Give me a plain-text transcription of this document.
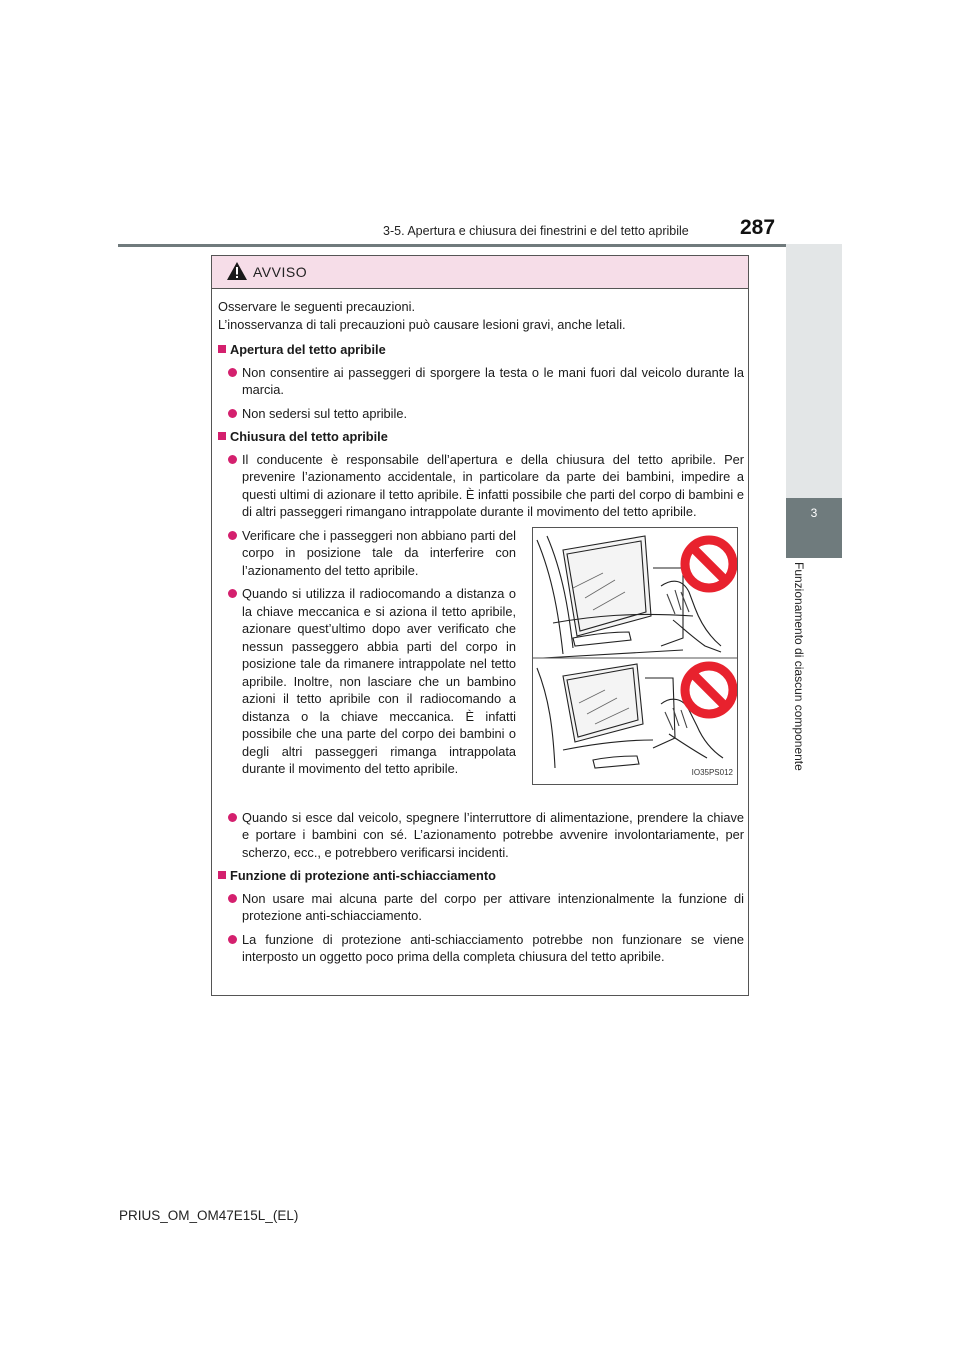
3-5. Apertura e chiusura dei finestrini e del tetto apribile 287
3
Funzionamento di ciascun componente
AVVISO

Osservare le seguenti precauzioni.

L’inosservanza di tali precauzioni può causare lesioni gravi, anche letali.

Apertura del tetto apribile
Non consentire ai passeggeri di sporgere la testa o le mani fuori dal veicolo durante la marcia.
Non sedersi sul tetto apribile.
Chiusura del tetto apribile
Il conducente è responsabile dell’apertura e della chiusura del tetto apribile. Per prevenire l’azionamento accidentale, in particolare da parte dei bambini, impedire a questi ultimi di azionare il tetto apribile. È infatti possibile che parti del corpo di bambini e di altri passeggeri rimangano intrappolate durante il movimento del tetto apribile.
Verificare che i passeggeri non abbiano parti del corpo in posizione tale da interferire con l’azionamento del tetto apribile.
Quando si utilizza il radiocomando a distanza o la chiave meccanica e si aziona il tetto apribile, azionare quest’ultimo dopo aver verificato che nessun passeggero abbia parti del corpo in posizione tale da rimanere intrappolate nel tetto apribile. Inoltre, non lasciare che un bambino azioni il tetto apribile con il radiocomando a distanza o la chiave meccanica. È infatti possibile che una parte del corpo dei bambini o degli altri passeggeri rimanga intrappolata durante il movimento del tetto apribile.	IO35PS012
Quando si esce dal veicolo, spegnere l’interruttore di alimentazione, prendere la chiave e portare i bambini con sé. L’azionamento potrebbe avvenire involontariamente, per scherzo, ecc., e potrebbero verificarsi incidenti.
Funzione di protezione anti-schiacciamento
Non usare mai alcuna parte del corpo per attivare intenzionalmente la funzione di protezione anti-schiacciamento.
La funzione di protezione anti-schiacciamento potrebbe non funzionare se viene interposto un oggetto poco prima della completa chiusura del tetto apribile.
PRIUS_OM_OM47E15L_(EL)
